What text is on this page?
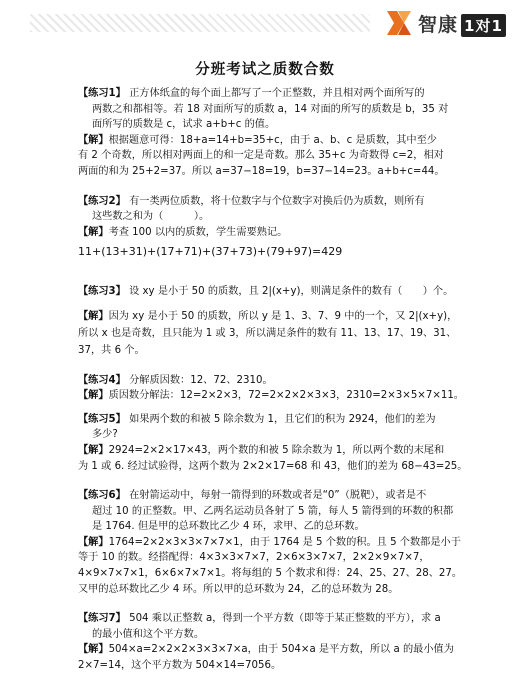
智康 1对1
分班考试之质数合数

【练习1】 正方体纸盒的每个面上都写了一个正整数，并且相对两个面所写的

两数之和都相等。若 18 对面所写的质数 a，14 对面的所写的质数是 b，35 对

面所写的质数是 c，试求 a+b+c 的值。

【解】根据题意可得：18+a=14+b=35+c，由于 a、b、c 是质数，其中至少

有 2 个奇数，所以相对两面上的和一定是奇数。那么 35+c 为奇数得 c=2，相对

两面的和为 25+2=37。所以 a=37−18=19，b=37−14=23。a+b+c=44。

【练习2】 有一类两位质数，将十位数字与个位数字对换后仍为质数，则所有

这些数之和为（　　　）。

【解】考查 100 以内的质数，学生需要熟记。

11+(13+31)+(17+71)+(37+73)+(79+97)=429

【练习3】 设 xy 是小于 50 的质数，且 2|(x+y)，则满足条件的数有（　　）个。

【解】因为 xy 是小于 50 的质数，所以 y 是 1、3、7、9 中的一个，又 2|(x+y)，

所以 x 也是奇数，且只能为 1 或 3，所以满足条件的数有 11、13、17、19、31、

37，共 6 个。

【练习4】 分解质因数：12、72、2310。

【解】质因数分解法：12=2×2×3，72=2×2×2×3×3，2310=2×3×5×7×11。

【练习5】 如果两个数的和被 5 除余数为 1，且它们的积为 2924，他们的差为

多少?

【解】2924=2×2×17×43，两个数的和被 5 除余数为 1，所以两个数的末尾和

为 1 或 6. 经过试验得，这两个数为 2×2×17=68 和 43，他们的差为 68−43=25。

【练习6】 在射箭运动中，每射一箭得到的环数或者是“0”（脱靶），或者是不

超过 10 的正整数。甲、乙两名运动员各射了 5 箭，每人 5 箭得到的环数的积都

是 1764. 但是甲的总环数比乙少 4 环，求甲、乙的总环数。

【解】1764=2×2×3×3×7×7×1，由于 1764 是 5 个数的积。且 5 个数都是小于

等于 10 的数。经搭配得：4×3×3×7×7，2×6×3×7×7，2×2×9×7×7，

4×9×7×7×1，6×6×7×7×1。将每组的 5 个数求和得：24、25、27、28、27。

又甲的总环数比乙少 4 环。所以甲的总环数为 24，乙的总环数为 28。

【练习7】 504 乘以正整数 a，得到一个平方数（即等于某正整数的平方），求 a

的最小值和这个平方数。

【解】504×a=2×2×2×3×3×7×a，由于 504×a 是平方数，所以 a 的最小值为

2×7=14，这个平方数为 504×14=7056。
